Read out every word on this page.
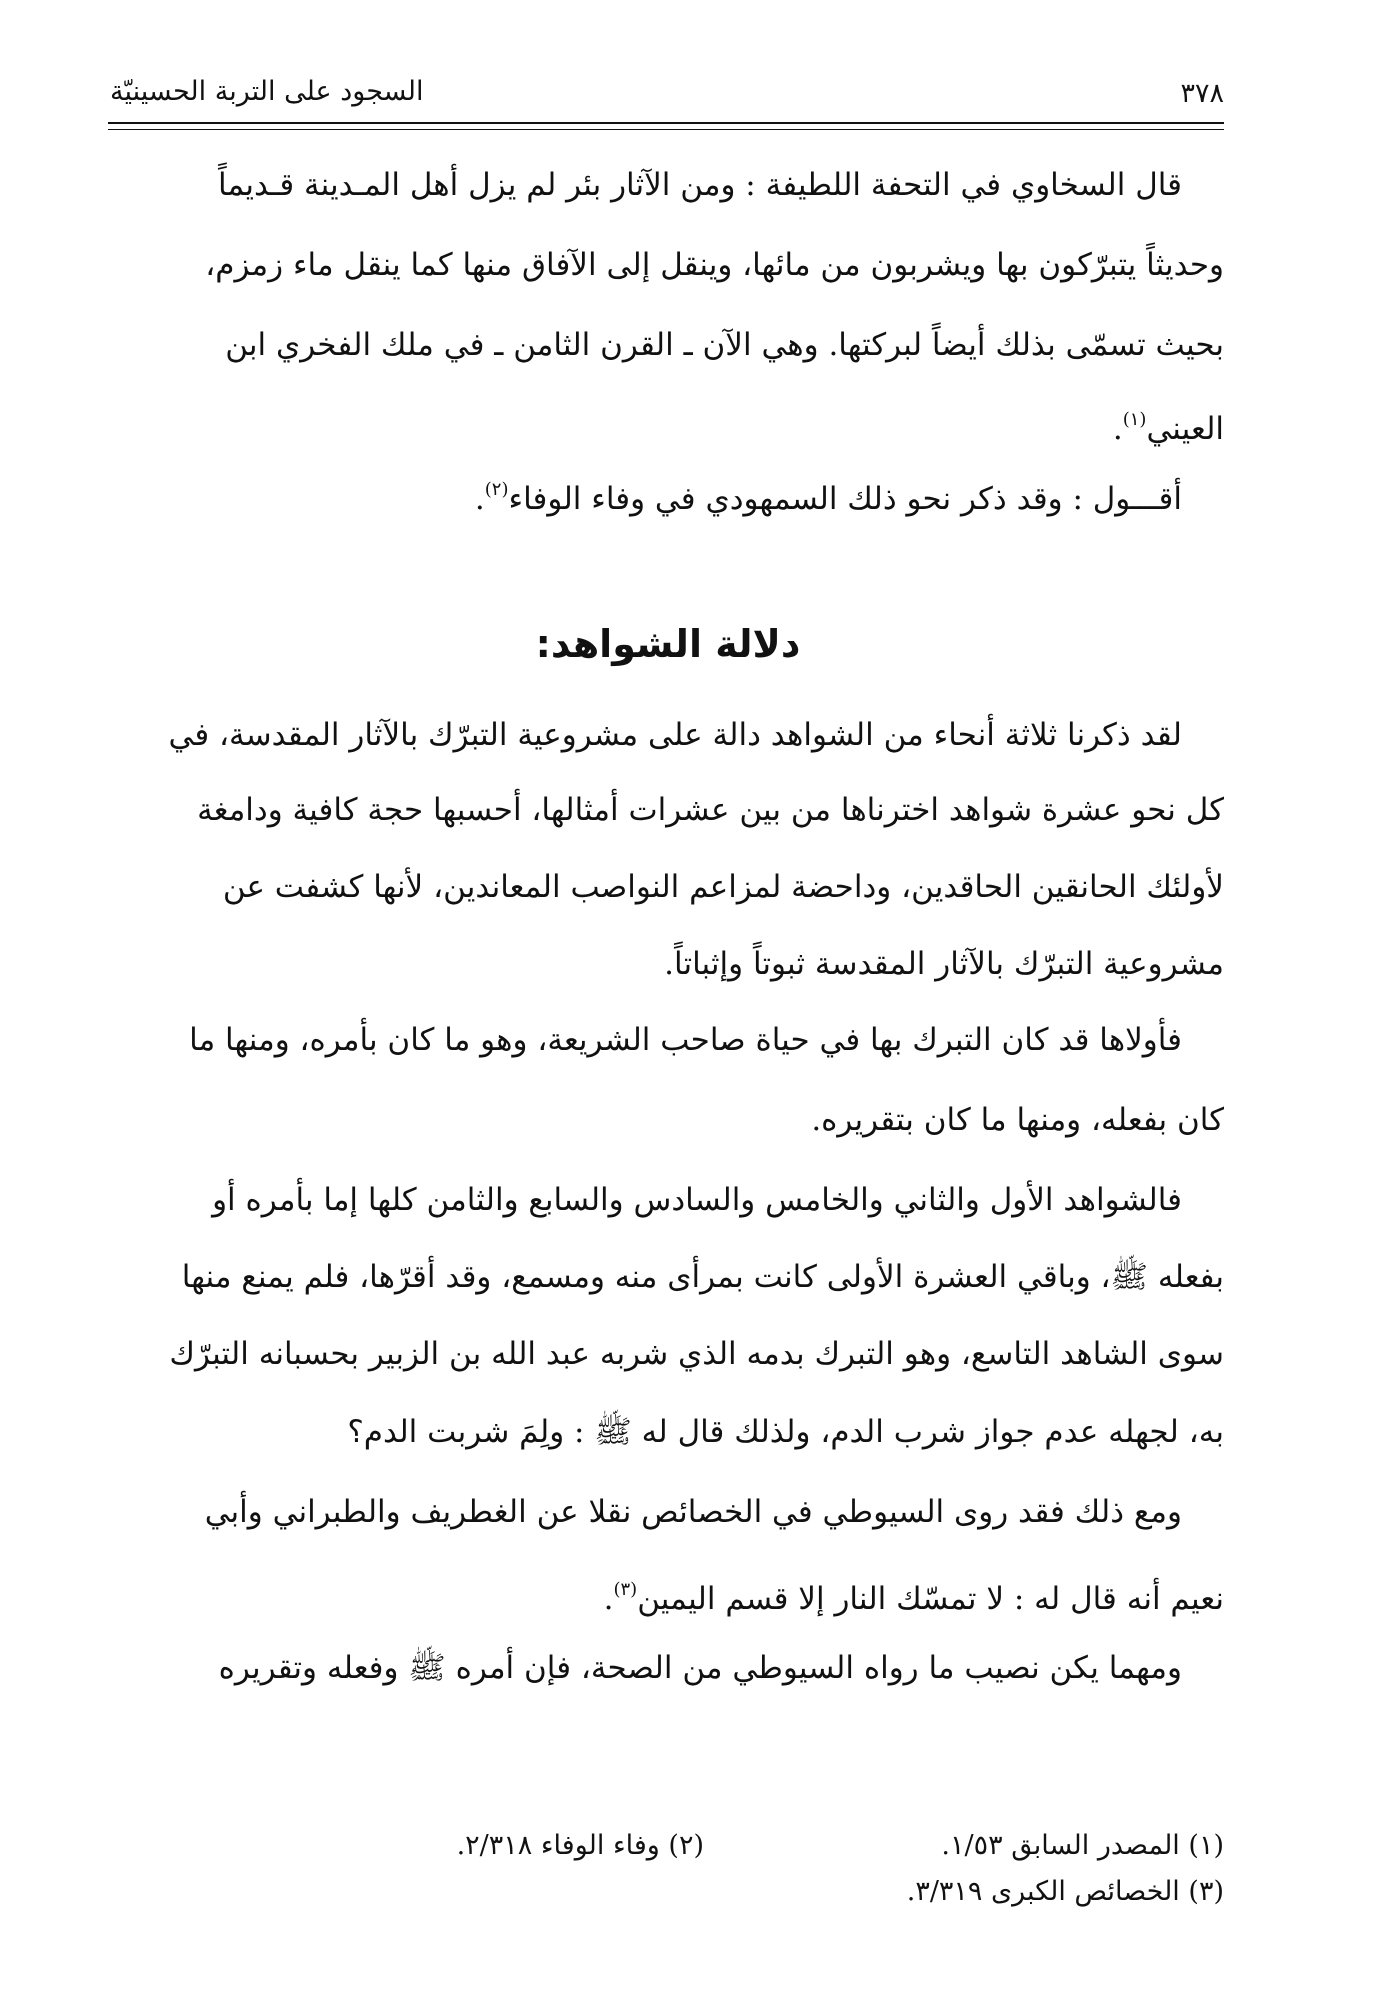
٣٧٨
السجود على التربة الحسينيّة
قال السخاوي في التحفة اللطيفة : ومن الآثار بئر لم يزل أهل المـدينة قـديماً
وحديثاً يتبرّكون بها ويشربون من مائها، وينقل إلى الآفاق منها كما ينقل ماء زمزم،
بحيث تسمّى بذلك أيضاً لبركتها. وهي الآن ـ القرن الثامن ـ في ملك الفخري ابن
العيني$^{(١)}$.
أقـــول : وقد ذكر نحو ذلك السمهودي في وفاء الوفاء$^{(٢)}$.
دلالة الشواهد:
لقد ذكرنا ثلاثة أنحاء من الشواهد دالة على مشروعية التبرّك بالآثار المقدسة، في
كل نحو عشرة شواهد اخترناها من بين عشرات أمثالها، أحسبها حجة كافية ودامغة
لأولئك الحانقين الحاقدين، وداحضة لمزاعم النواصب المعاندين، لأنها كشفت عن
مشروعية التبرّك بالآثار المقدسة ثبوتاً وإثباتاً.
فأولاها قد كان التبرك بها في حياة صاحب الشريعة، وهو ما كان بأمره، ومنها ما
كان بفعله، ومنها ما كان بتقريره.
فالشواهد الأول والثاني والخامس والسادس والسابع والثامن كلها إما بأمره أو
بفعله ﷺ، وباقي العشرة الأولى كانت بمرأى منه ومسمع، وقد أقرّها، فلم يمنع منها
سوى الشاهد التاسع، وهو التبرك بدمه الذي شربه عبد الله بن الزبير بحسبانه التبرّك
به، لجهله عدم جواز شرب الدم، ولذلك قال له ﷺ : ولِمَ شربت الدم؟
ومع ذلك فقد روى السيوطي في الخصائص نقلا عن الغطريف والطبراني وأبي
نعيم أنه قال له : لا تمسّك النار إلا قسم اليمين$^{(٣)}$.
ومهما يكن نصيب ما رواه السيوطي من الصحة، فإن أمره ﷺ وفعله وتقريره
(١) المصدر السابق ١/٥٣.
(٢) وفاء الوفاء ٢/٣١٨.
(٣) الخصائص الكبرى ٣/٣١٩.
